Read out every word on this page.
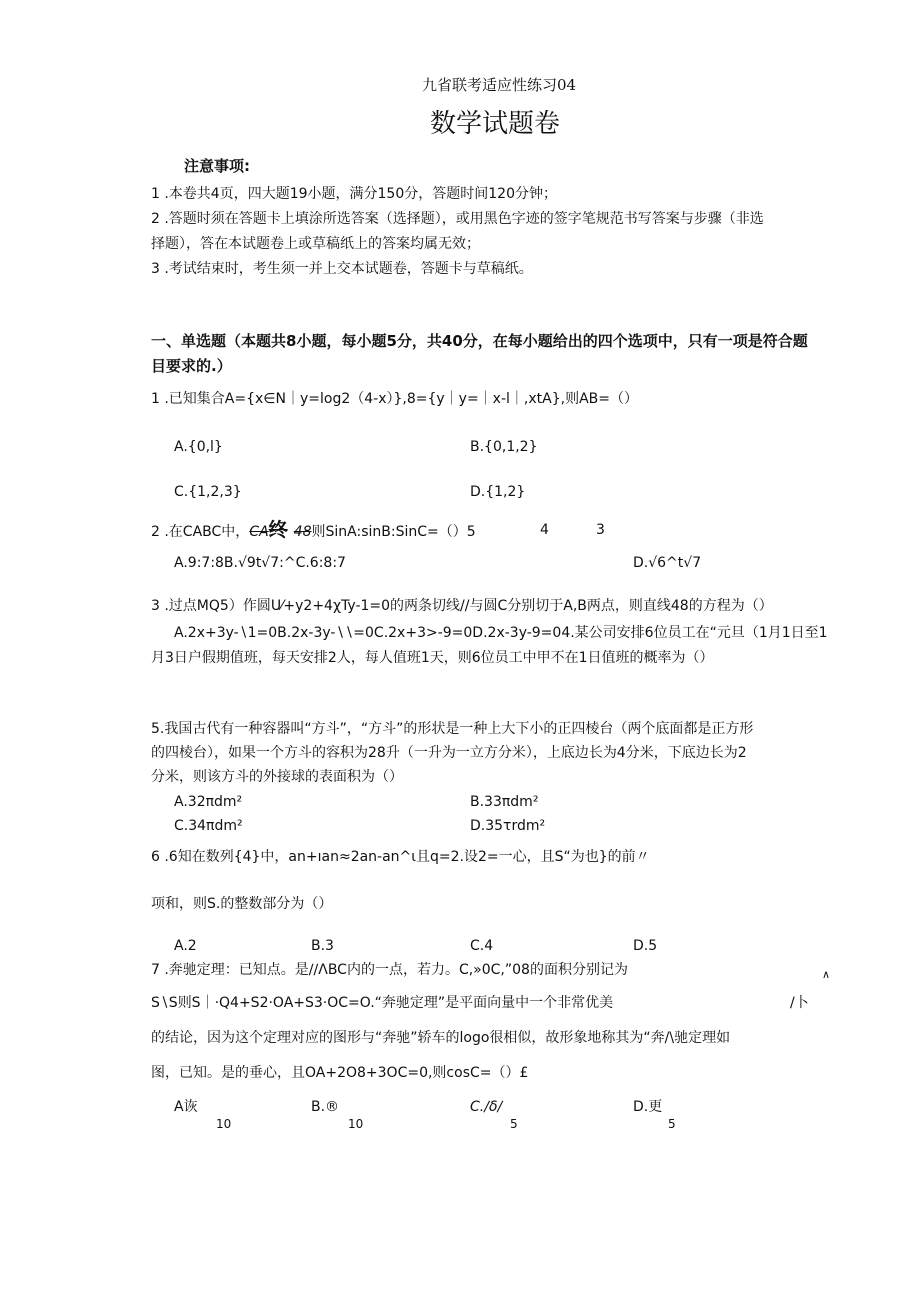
九省联考适应性练习04
数学试题卷
注意事项:
1 .本卷共4页，四大题19小题，满分150分，答题时间120分钟；
2 .答题时须在答题卡上填涂所选答案（选择题），或用黑色字迹的签字笔规范书写答案与步骤（非选
择题），答在本试题卷上或草稿纸上的答案均属无效；
3 .考试结束时，考生须一并上交本试题卷，答题卡与草稿纸。
一、单选题（本题共8小题，每小题5分，共40分，在每小题给出的四个选项中，只有一项是符合题
目要求的.）
1 .已知集合A={x∈N｜y=log2（4-x）},8={y｜y=｜x-l｜,xtA},则AB=（）
A.{0,l}	B.{0,1,2}
C.{1,2,3}	D.{1,2}
2 .在CABC中，CA终 48则SinA:sinB:SinC=（）5	4	3
A.9:7:8B.√9t√7:^C.6:8:7	D.√6^t√7
3 .过点MQ5）作圆U⁄+y2+4χTy-1=0的两条切线//与圆C分别切于A,B两点，则直线48的方程为（）
A.2x+3y-∖1=0B.2x-3y-∖∖=0C.2x+3>-9=0D.2x-3y-9=04.某公司安排6位员工在“元旦（1月1日至1
月3日户假期值班，每天安排2人，每人值班1天，则6位员工中甲不在1日值班的概率为（）
5.我国古代有一种容器叫“方斗”，“方斗”的形状是一种上大下小的正四棱台（两个底面都是正方形
的四棱台），如果一个方斗的容积为28升（一升为一立方分米），上底边长为4分米，下底边长为2
分米，则该方斗的外接球的表面积为（）
A.32πdm²	B.33πdm²
C.34πdm²	D.35τrdm²
6 .6知在数列{4}中，an+ıan≈2an-an^ι且q=2.设2=一心，且S“为也}的前〃
项和，则S.的整数部分为（）
A.2	B.3	C.4	D.5
7 .奔驰定理：已知点。是∕∕ΛBC内的一点，若力。C,»0C,”08的面积分别记为	∧
S∖S则S｜·Q4+S2·OA+S3·OC=O.“奔驰定理”是平面向量中一个非常优美	/卜
的结论，因为这个定理对应的图形与“奔驰”轿车的logo很相似，故形象地称其为“奔/\驰定理如
图，已知。是的垂心，且OA+2O8+3OC=0,则cosC=（）£
A诙
10
B.®
10
C.∕δ∕
5
D.更
5
